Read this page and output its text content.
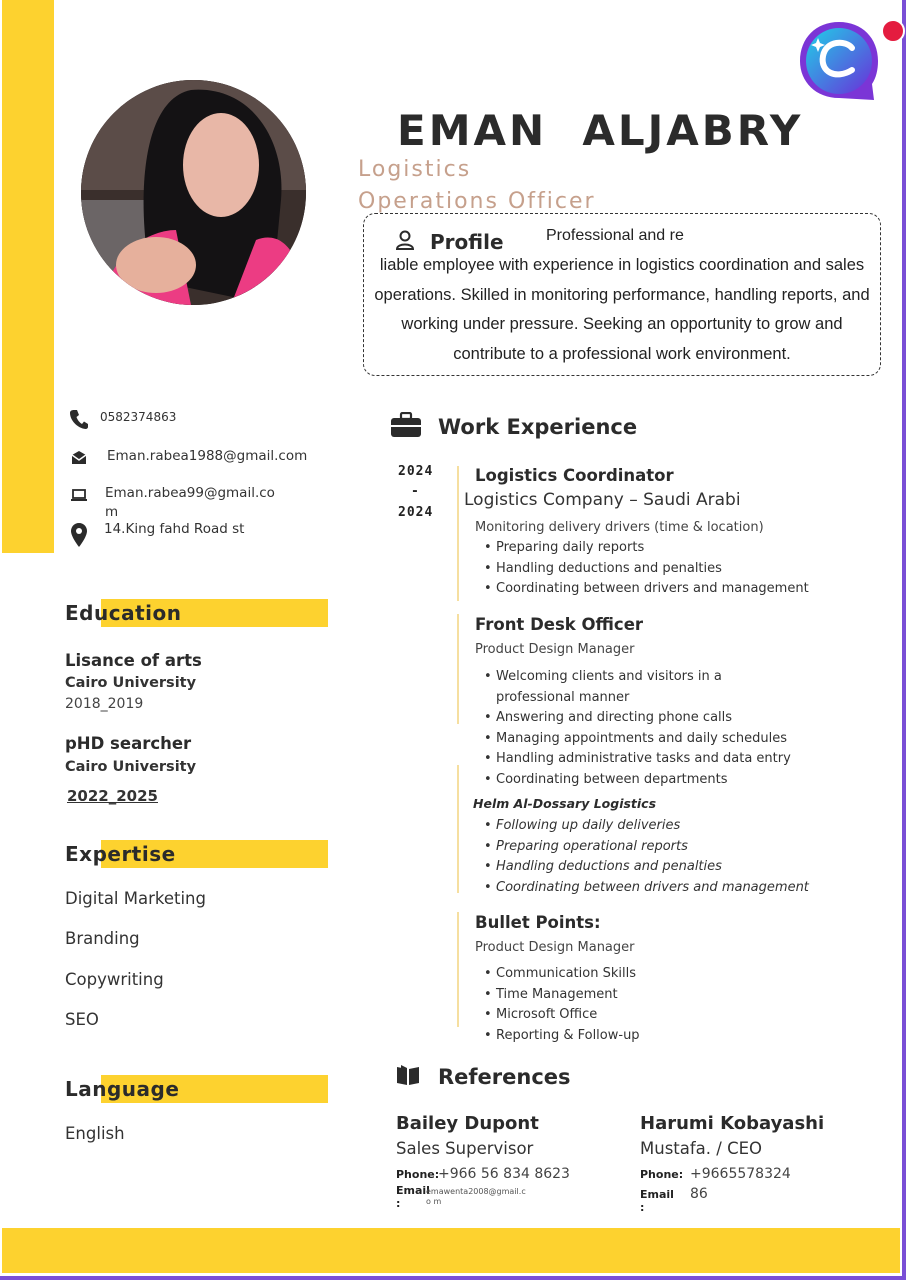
EMAN  ALJABRY
Logistics
Operations Officer
Profile	Professional and re
liable employee with experience in logistics coordination and sales operations. Skilled in monitoring performance, handling reports, and working under pressure. Seeking an opportunity to grow and contribute to a professional work environment.
0582374863
Eman.rabea1988@gmail.com
Eman.rabea99@gmail.co m
14.King fahd Road st
Education
Lisance of arts
Cairo University
2018_2019
pHD searcher
Cairo University
2022_2025
Expertise
Digital Marketing
Branding
Copywriting
SEO
Language
English
Work Experience
2024
-
2024
Logistics Coordinator
Logistics Company – Saudi Arabi
Monitoring delivery drivers (time & location)
• Preparing daily reports
• Handling deductions and penalties
• Coordinating between drivers and management
Front Desk Officer
Product Design Manager
• Welcoming clients and visitors in a professional manner
• Answering and directing phone calls
• Managing appointments and daily schedules
• Handling administrative tasks and data entry
• Coordinating between departments
Helm Al-Dossary Logistics
• Following up daily deliveries
• Preparing operational reports
• Handling deductions and penalties
• Coordinating between drivers and management
Bullet Points:
Product Design Manager
• Communication Skills
• Time Management
• Microsoft Office
• Reporting & Follow-up
References
Bailey Dupont
Sales Supervisor
Phone:
+966 56 834 8623
Email :
emawenta2008@gmail.co m
Harumi Kobayashi
Mustafa. / CEO
Phone: +9665578324
Email :
86
